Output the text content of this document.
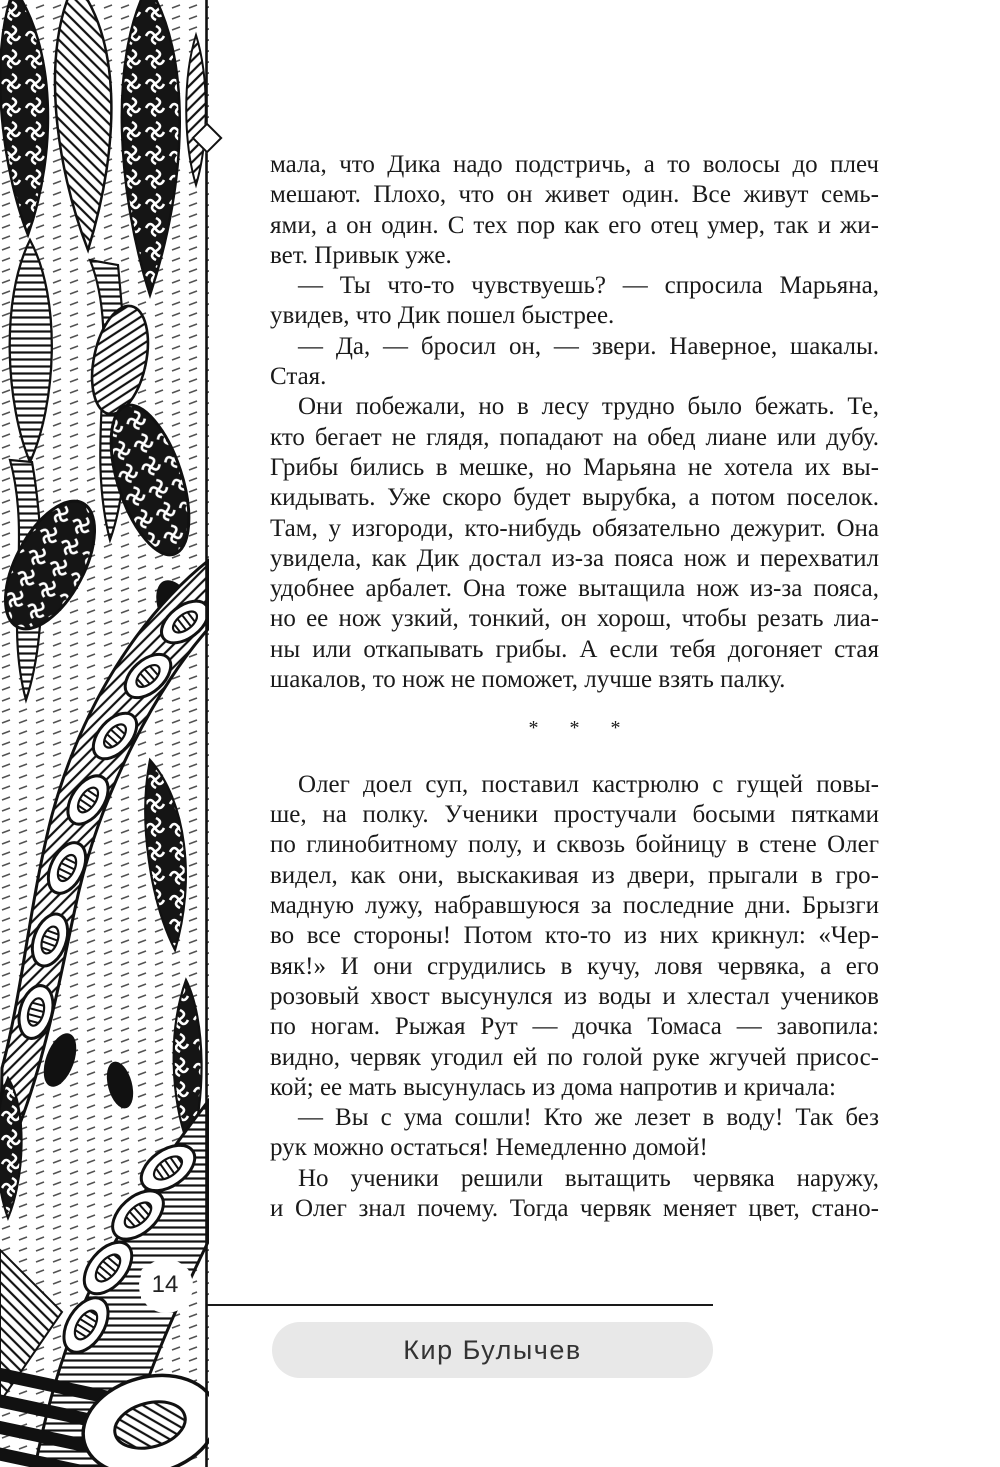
мала, что Дика надо подстричь, а то волосы до плеч
мешают. Плохо, что он живет один. Все живут семь-
ями, а он один. С тех пор как его отец умер, так и жи-
вет. Привык уже.
— Ты что-то чувствуешь? — спросила Марьяна,
увидев, что Дик пошел быстрее.
— Да, — бросил он, — звери. Наверное, шакалы.
Стая.
Они побежали, но в лесу трудно было бежать. Те,
кто бегает не глядя, попадают на обед лиане или дубу.
Грибы бились в мешке, но Марьяна не хотела их вы-
кидывать. Уже скоро будет вырубка, а потом поселок.
Там, у изгороди, кто-нибудь обязательно дежурит. Она
увидела, как Дик достал из-за пояса нож и перехватил
удобнее арбалет. Она тоже вытащила нож из-за пояса,
но ее нож узкий, тонкий, он хорош, чтобы резать лиа-
ны или откапывать грибы. А если тебя догоняет стая
шакалов, то нож не поможет, лучше взять палку.
* * *
Олег доел суп, поставил кастрюлю с гущей повы-
ше, на полку. Ученики простучали босыми пятками
по глинобитному полу, и сквозь бойницу в стене Олег
видел, как они, выскакивая из двери, прыгали в гро-
мадную лужу, набравшуюся за последние дни. Брызги
во все стороны! Потом кто-то из них крикнул: «Чер-
вяк!» И они сгрудились в кучу, ловя червяка, а его
розовый хвост высунулся из воды и хлестал учеников
по ногам. Рыжая Рут — дочка Томаса — завопила:
видно, червяк угодил ей по голой руке жгучей присос-
кой; ее мать высунулась из дома напротив и кричала:
— Вы с ума сошли! Кто же лезет в воду! Так без
рук можно остаться! Немедленно домой!
Но ученики решили вытащить червяка наружу,
и Олег знал почему. Тогда червяк меняет цвет, стано-
14
Кир Булычев
